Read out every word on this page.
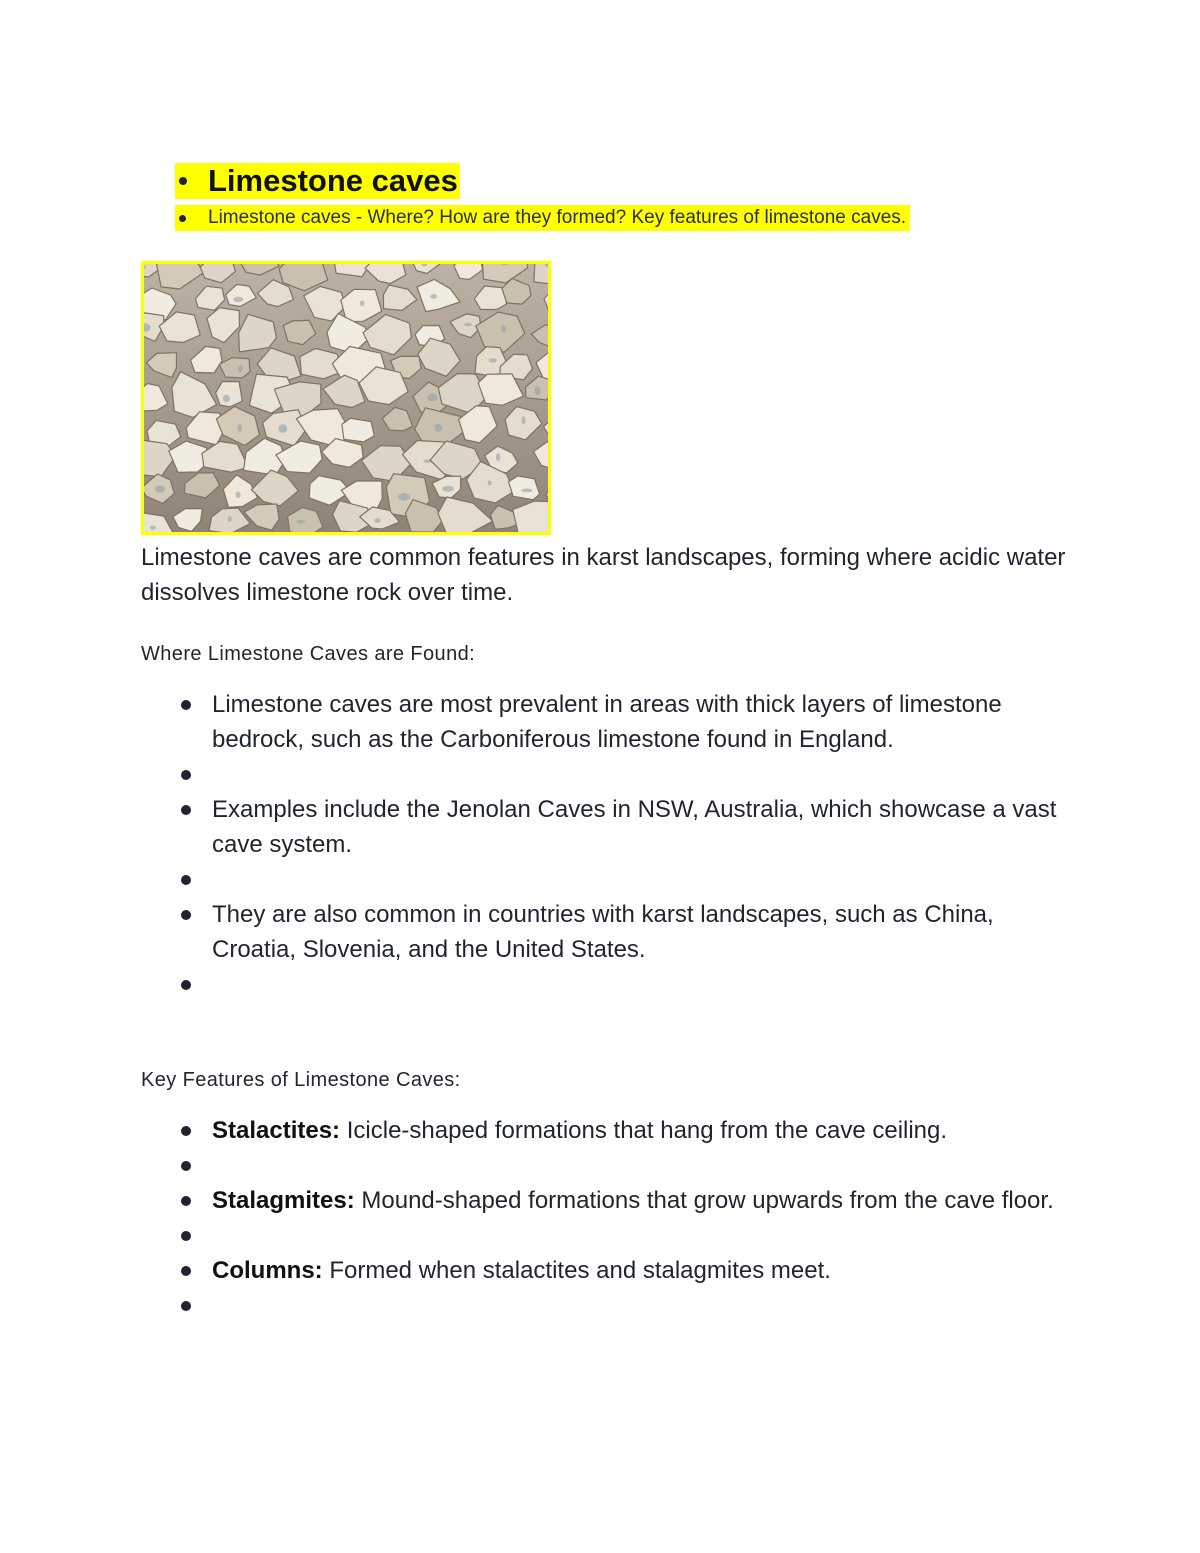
Limestone caves
Limestone caves - Where? How are they formed? Key features of limestone caves.

Limestone caves are common features in karst landscapes, forming where acidic water dissolves limestone rock over time.

Where Limestone Caves are Found:

Limestone caves are most prevalent in areas with thick layers of limestone bedrock, such as the Carboniferous limestone found in England.
Examples include the Jenolan Caves in NSW, Australia, which showcase a vast cave system.
They are also common in countries with karst landscapes, such as China, Croatia, Slovenia, and the United States.

Key Features of Limestone Caves:

Stalactites: Icicle-shaped formations that hang from the cave ceiling.
Stalagmites: Mound-shaped formations that grow upwards from the cave floor.
Columns: Formed when stalactites and stalagmites meet.
